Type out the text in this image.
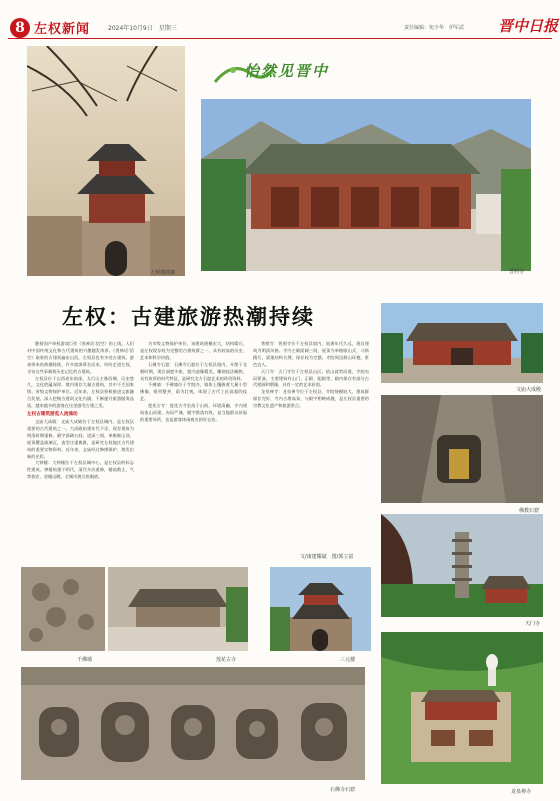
8 左权新闻	2024年10月9日　星期三	责任编辑：宛少华　伊军武 晋中日报
大钟楼鼓楼
怡然见晋中
普照寺
左权：古建旅游热潮持续

随着国产单机游戏巨作《黑神话:悟空》的上线，人们对中国传统文化和古代建筑的兴趣越发浓厚。《黑神话:悟空》取景的古建筑遍布山西，左权县也有多处古建筑。游戏带来的热潮持续，许多游客慕名而来，纷纷走进左权，寻访这些承载着历史记忆的古建筑。

左权县位于山西省东南部，太行山主脉西侧，历史悠久，文化底蕴深厚，境内现存大量古建筑，其中不乏国家级、省级文物保护单位。近年来，左权县积极推进文旅融合发展，深入挖掘古建筑文化内涵，不断提升旅游服务品质，越来越多的游客在这里感受古建之美。

左权古建筑游览人流涌动

文庙大成殿：文庙大成殿位于左权县城内，是左权县重要的古代建筑之一。大成殿始建年代不详，现存建筑为明清时期重修。殿宇面阔五间，进深三间，单檐歇山顶，屋顶覆盖琉璃瓦，造型庄重典雅，是研究左权地区古代建筑的重要实物资料。近年来，文庙经过修缮保护，焕发出新的光彩。

大钟楼：大钟楼位于左权县城中心，是左权县的标志性建筑。钟楼始建于明代，清代多次重修，楼高数丈，气势恢宏，登楼远眺，全城风貌尽收眼底。

为市级文物保护单位。该建筑规模宏大，结构精巧，是左权现存较为完整的古建筑群之一，具有较高的历史、艺术和科学价值。

石佛寺石窟：石佛寺石窟位于左权县境内，开凿于北朝时期，现存洞窟多座，窟内造像精美，雕刻技法娴熟，具有浓厚的时代特征，是研究北方石窟艺术的珍贵资料。

千佛墙：千佛墙位于寺院内，墙体上镶嵌着大量小型佛像，排列整齐，蔚为壮观，体现了古代工匠高超的技艺。

莲花古寺：莲花古寺坐落于山间，环境清幽，寺内建筑依山而建，布局严谨，殿宇错落有致，是当地群众祈福的重要场所，也是游客休闲观光的好去处。

普照寺：普照寺位于左权县境内，始建年代久远，现存建筑为明清风格。寺内主殿面阔三间，屋顶为单檐歇山式，斗拱精巧，梁架结构合理，保存较为完整。寺院周边群山环抱，景色宜人。

天门寺：天门寺位于左权县山区，依山就势而建，寺院布局紧凑，主要建筑有山门、正殿、配殿等，殿内保存有部分古代壁画和塑像，具有一定的艺术价值。

龙泉禅寺：龙泉禅寺位于左权县，寺院规模较大，建筑群保存完好，寺内古塔高耸，与殿宇相映成趣，是左权县重要的宗教文化遗产和旅游景点。

文/康建耀斌　图/郭立富
文庙大成殿
佛教石窟
天门寺
龙泉禅寺
千佛墙	莲花古寺	三元楼
石佛寺石窟
